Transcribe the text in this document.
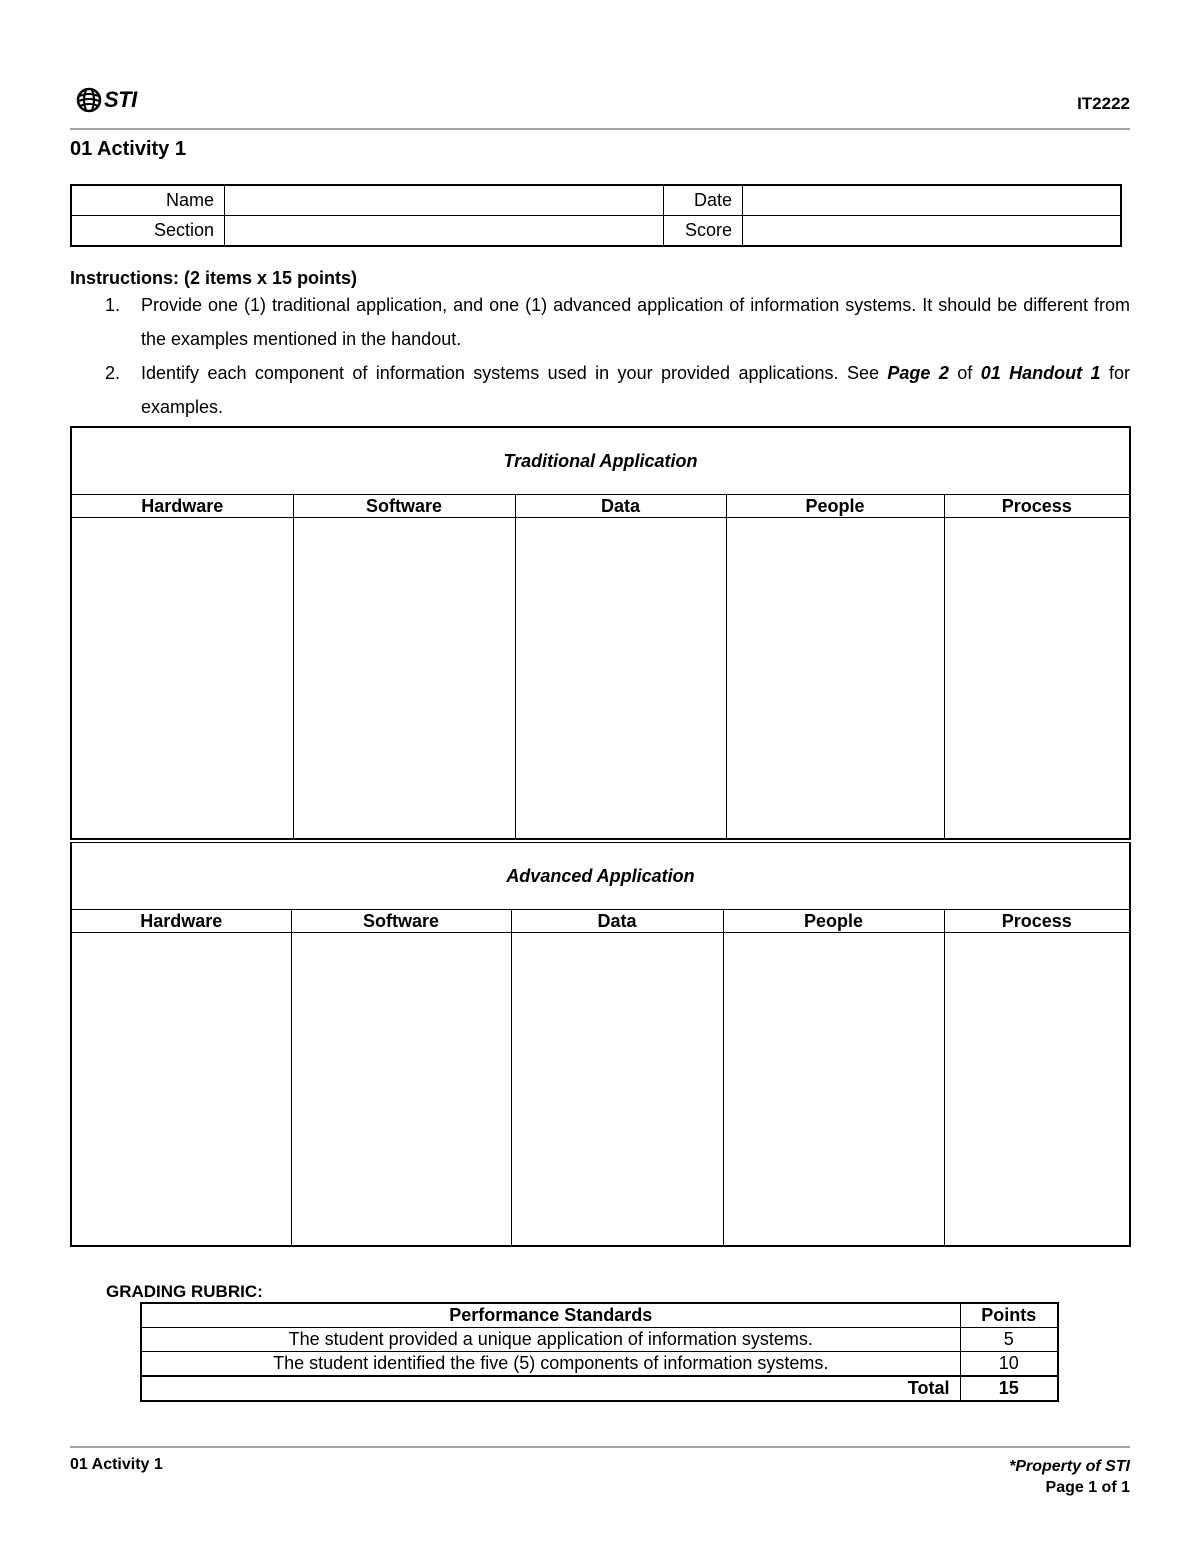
STI	IT2222
01 Activity 1
Name		Date	
Section		Score	
Instructions: (2 items x 15 points)
1. Provide one (1) traditional application, and one (1) advanced application of information systems. It should be different from the examples mentioned in the handout.
2. Identify each component of information systems used in your provided applications. See Page 2 of 01 Handout 1 for examples.
Traditional Application				
Hardware	Software	Data	People	Process

Advanced Application				
Hardware	Software	Data	People	Process

GRADING RUBRIC:
Performance Standards	Points
The student provided a unique application of information systems.	5
The student identified the five (5) components of information systems.	10
Total	15
01 Activity 1	*Property of STI
Page 1 of 1
